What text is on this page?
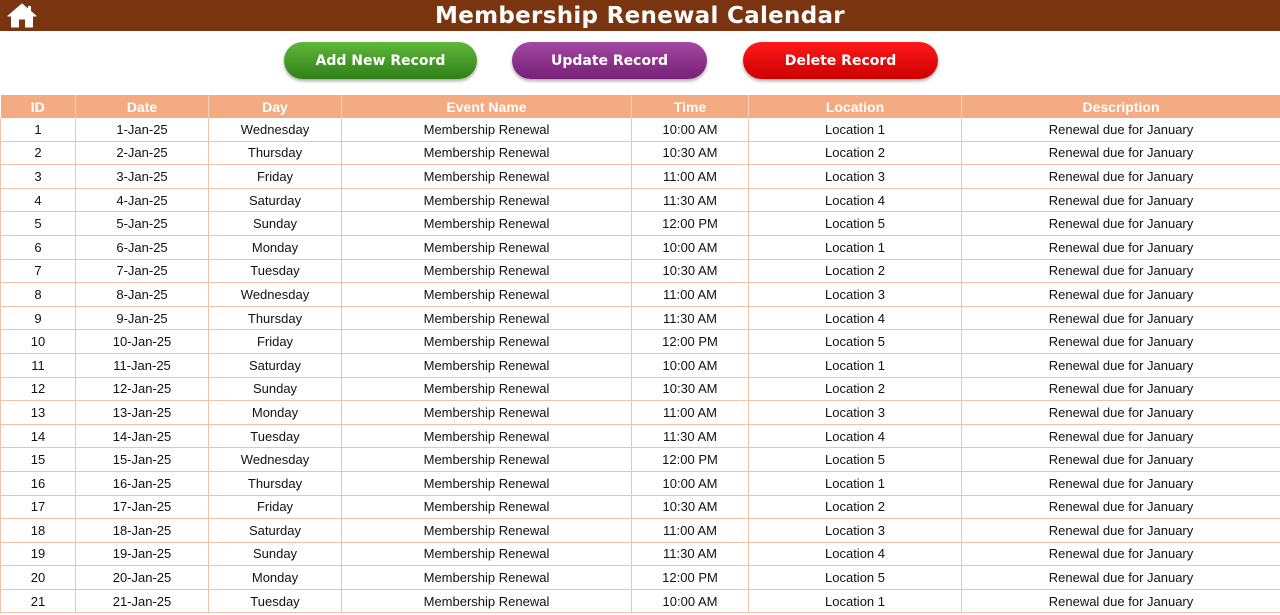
Membership Renewal Calendar
Add New Record	Update Record	Delete Record
ID	Date	Day	Event Name	Time	Location	Description
1	1-Jan-25	Wednesday	Membership Renewal	10:00 AM	Location 1	Renewal due for January
2	2-Jan-25	Thursday	Membership Renewal	10:30 AM	Location 2	Renewal due for January
3	3-Jan-25	Friday	Membership Renewal	11:00 AM	Location 3	Renewal due for January
4	4-Jan-25	Saturday	Membership Renewal	11:30 AM	Location 4	Renewal due for January
5	5-Jan-25	Sunday	Membership Renewal	12:00 PM	Location 5	Renewal due for January
6	6-Jan-25	Monday	Membership Renewal	10:00 AM	Location 1	Renewal due for January
7	7-Jan-25	Tuesday	Membership Renewal	10:30 AM	Location 2	Renewal due for January
8	8-Jan-25	Wednesday	Membership Renewal	11:00 AM	Location 3	Renewal due for January
9	9-Jan-25	Thursday	Membership Renewal	11:30 AM	Location 4	Renewal due for January
10	10-Jan-25	Friday	Membership Renewal	12:00 PM	Location 5	Renewal due for January
11	11-Jan-25	Saturday	Membership Renewal	10:00 AM	Location 1	Renewal due for January
12	12-Jan-25	Sunday	Membership Renewal	10:30 AM	Location 2	Renewal due for January
13	13-Jan-25	Monday	Membership Renewal	11:00 AM	Location 3	Renewal due for January
14	14-Jan-25	Tuesday	Membership Renewal	11:30 AM	Location 4	Renewal due for January
15	15-Jan-25	Wednesday	Membership Renewal	12:00 PM	Location 5	Renewal due for January
16	16-Jan-25	Thursday	Membership Renewal	10:00 AM	Location 1	Renewal due for January
17	17-Jan-25	Friday	Membership Renewal	10:30 AM	Location 2	Renewal due for January
18	18-Jan-25	Saturday	Membership Renewal	11:00 AM	Location 3	Renewal due for January
19	19-Jan-25	Sunday	Membership Renewal	11:30 AM	Location 4	Renewal due for January
20	20-Jan-25	Monday	Membership Renewal	12:00 PM	Location 5	Renewal due for January
21	21-Jan-25	Tuesday	Membership Renewal	10:00 AM	Location 1	Renewal due for January
